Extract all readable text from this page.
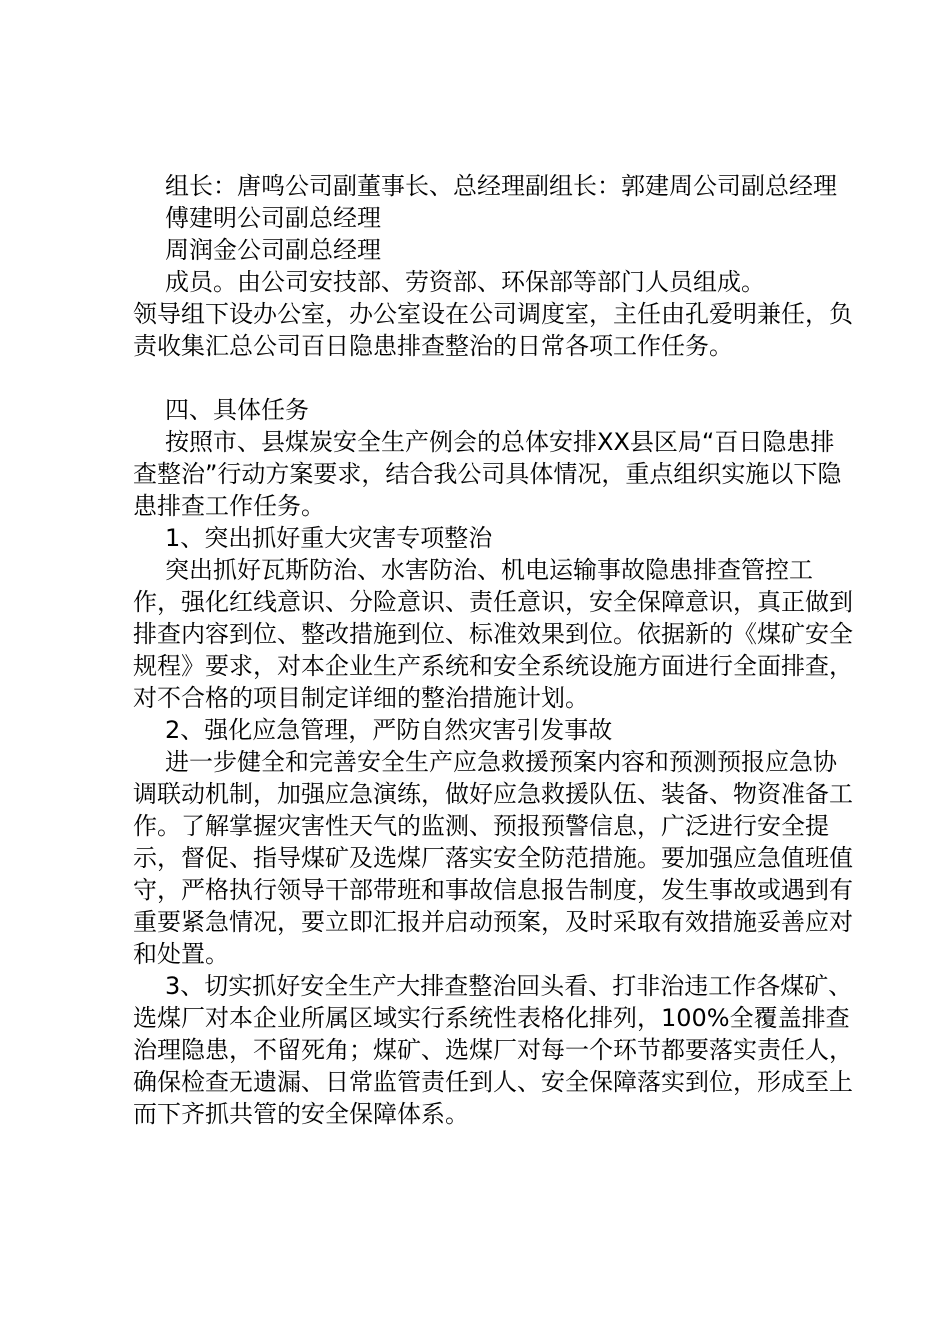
组长：唐鸣公司副董事长、总经理副组长：郭建周公司副总经理

傅建明公司副总经理

周润金公司副总经理

成员。由公司安技部、劳资部、环保部等部门人员组成。

领导组下设办公室，办公室设在公司调度室，主任由孔爱明兼任，负责收集汇总公司百日隐患排查整治的日常各项工作任务。

四、具体任务

按照市、县煤炭安全生产例会的总体安排XX县区局“百日隐患排查整治”行动方案要求，结合我公司具体情况，重点组织实施以下隐患排查工作任务。

1、突出抓好重大灾害专项整治

突出抓好瓦斯防治、水害防治、机电运输事故隐患排查管控工作，强化红线意识、分险意识、责任意识，安全保障意识，真正做到排查内容到位、整改措施到位、标准效果到位。依据新的《煤矿安全规程》要求，对本企业生产系统和安全系统设施方面进行全面排查，对不合格的项目制定详细的整治措施计划。

2、强化应急管理，严防自然灾害引发事故

进一步健全和完善安全生产应急救援预案内容和预测预报应急协调联动机制，加强应急演练，做好应急救援队伍、装备、物资准备工作。了解掌握灾害性天气的监测、预报预警信息，广泛进行安全提示，督促、指导煤矿及选煤厂落实安全防范措施。要加强应急值班值守，严格执行领导干部带班和事故信息报告制度，发生事故或遇到有重要紧急情况，要立即汇报并启动预案，及时采取有效措施妥善应对和处置。

3、切实抓好安全生产大排查整治回头看、打非治违工作各煤矿、选煤厂对本企业所属区域实行系统性表格化排列，100%全覆盖排查治理隐患，不留死角；煤矿、选煤厂对每一个环节都要落实责任人，确保检查无遗漏、日常监管责任到人、安全保障落实到位，形成至上而下齐抓共管的安全保障体系。
